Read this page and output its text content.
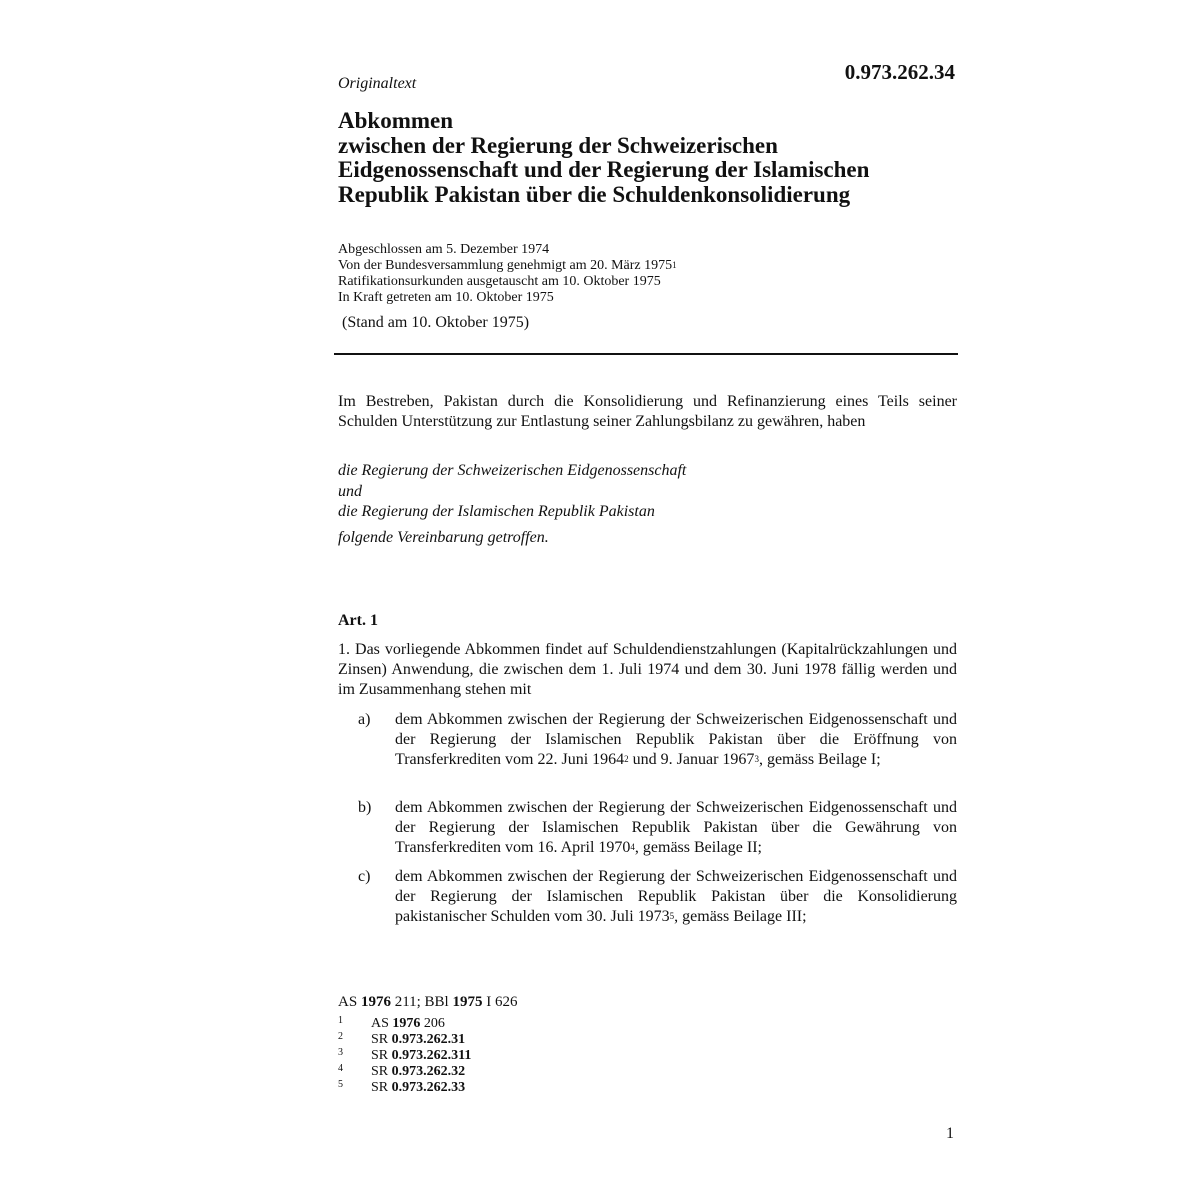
0.973.262.34
Originaltext
Abkommen
zwischen der Regierung der Schweizerischen
Eidgenossenschaft und der Regierung der Islamischen
Republik Pakistan über die Schuldenkonsolidierung
Abgeschlossen am 5. Dezember 1974
Von der Bundesversammlung genehmigt am 20. März 1975$^1$
Ratifikationsurkunden ausgetauscht am 10. Oktober 1975
In Kraft getreten am 10. Oktober 1975
(Stand am 10. Oktober 1975)
Im Bestreben, Pakistan durch die Konsolidierung und Refinanzierung eines Teils seiner Schulden Unterstützung zur Entlastung seiner Zahlungsbilanz zu gewähren, haben
die Regierung der Schweizerischen Eidgenossenschaft
und
die Regierung der Islamischen Republik Pakistan
folgende Vereinbarung getroffen.
Art. 1
1. Das vorliegende Abkommen findet auf Schuldendienstzahlungen (Kapitalrückzahlungen und Zinsen) Anwendung, die zwischen dem 1. Juli 1974 und dem 30. Juni 1978 fällig werden und im Zusammenhang stehen mit
a) dem Abkommen zwischen der Regierung der Schweizerischen Eidgenossenschaft und der Regierung der Islamischen Republik Pakistan über die Eröffnung von Transferkrediten vom 22. Juni 1964$^2$ und 9. Januar 1967$^3$, gemäss Beilage I;
b) dem Abkommen zwischen der Regierung der Schweizerischen Eidgenossenschaft und der Regierung der Islamischen Republik Pakistan über die Gewährung von Transferkrediten vom 16. April 1970$^4$, gemäss Beilage II;
c) dem Abkommen zwischen der Regierung der Schweizerischen Eidgenossenschaft und der Regierung der Islamischen Republik Pakistan über die Konsolidierung pakistanischer Schulden vom 30. Juli 1973$^5$, gemäss Beilage III;
AS 1976 211; BBl 1975 I 626
1 AS 1976 206
2 SR 0.973.262.31
3 SR 0.973.262.311
4 SR 0.973.262.32
5 SR 0.973.262.33
1
